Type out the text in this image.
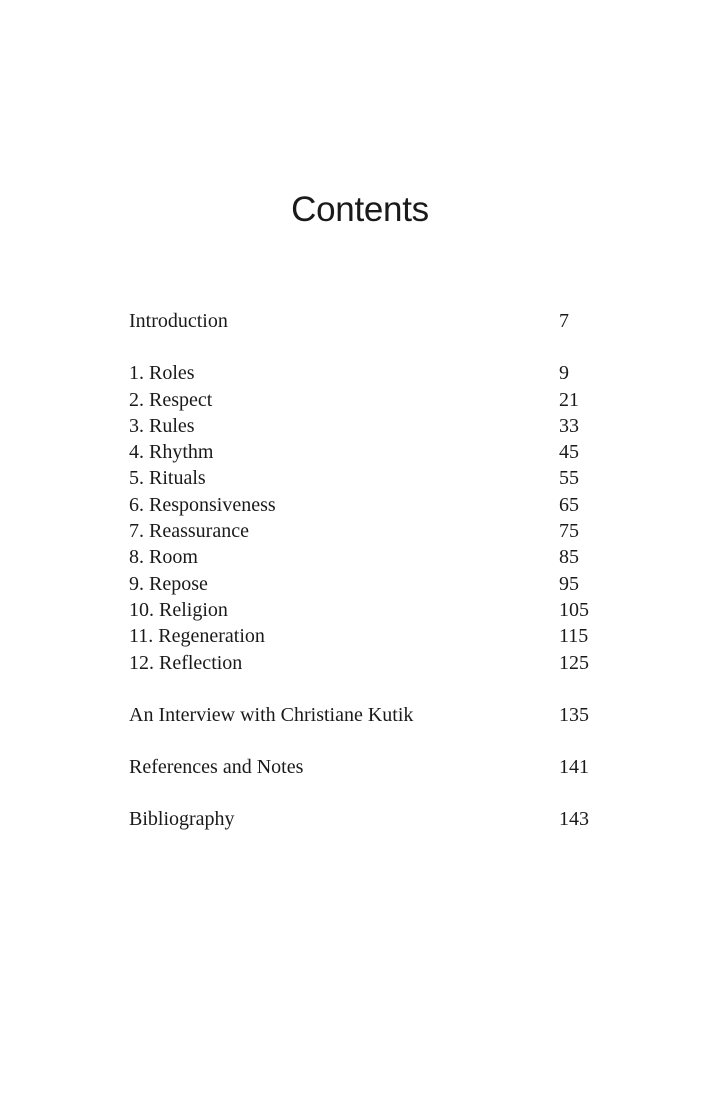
Contents
Introduction	7
1. Roles	9
2. Respect	21
3. Rules	33
4. Rhythm	45
5. Rituals	55
6. Responsiveness	65
7. Reassurance	75
8. Room	85
9. Repose	95
10. Religion	105
11. Regeneration	115
12. Reflection	125
An Interview with Christiane Kutik	135
References and Notes	141
Bibliography	143
